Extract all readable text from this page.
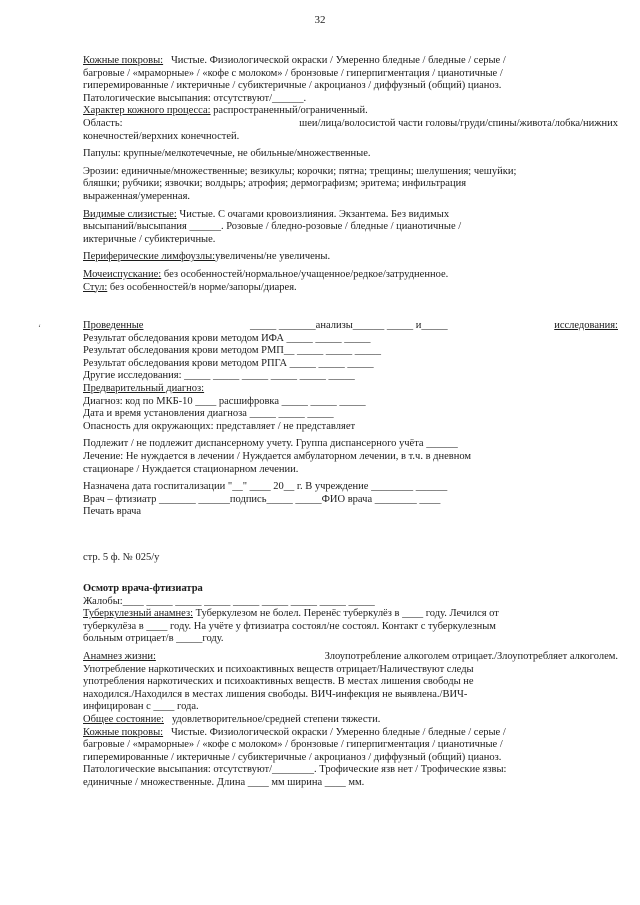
32
‘
Кожные покровы: Чистые. Физиологической окраски / Умеренно бледные / бледные / серые /
багровые / «мраморные» / «кофе с молоком» / бронзовые / гиперпигментация / цианотичные /
гиперемированные / иктеричные / субиктеричные / акроцианоз / диффузный (общий) цианоз.
Патологические высыпания: отсутствуют/______.
Характер кожного процесса: распространенный/ограниченный.
Область:	шеи/лица/волосистой части головы/груди/спины/живота/лобка/нижних
конечностей/верхних конечностей.
Папулы: крупные/мелкотечечные, не обильные/множественные.
Эрозии: единичные/множественные; везикулы; корочки; пятна; трещины; шелушения; чешуйки;
бляшки; рубчики; язвочки; волдырь; атрофия; дермографизм; эритема; инфильтрация
выраженная/умеренная.
Видимые слизистые: Чистые. С очагами кровоизлияния. Экзантема. Без видимых
высыпаний/высыпания ______. Розовые / бледно-розовые / бледные / цианотичные /
иктеричные / субиктеричные.
Периферические лимфоузлы:увеличены/не увеличены.
Мочеиспускание: без особенностей/нормальное/учащенное/редкое/затрудненное.
Стул: без особенностей/в норме/запоры/диарея.
Проведенные	_____ _______анализы______ _____ и_____	исследования:
Результат обследования крови методом ИФА _____ _____ _____
Результат обследования крови методом РМП__ _____ _____ _____
Результат обследования крови методом РПГА _____ _____ _____
Другие исследования: _____ _____ _____ _____ _____ _____
Предварительный диагноз:
Диагноз: код по МКБ-10 ____ расшифровка _____ _____ _____
Дата и время установления диагноза _____ _____ _____
Опасность для окружающих: представляет / не представляет
Подлежит / не подлежит диспансерному учету. Группа диспансерного учёта ______
Лечение: Не нуждается в лечении / Нуждается амбулаторном лечении, в т.ч. в дневном
стационаре / Нуждается стационарном лечении.
Назначена дата госпитализации "__" ____ 20__ г. В учреждение ________ ______
Врач – фтизиатр _______ ______подпись_____ _____ФИО врача ________ ____
Печать врача
стр. 5 ф. № 025/у
Осмотр врача-фтизиатра
Жалобы:____ _____ _____ _____ _____ _____ _____ _____ _____
Туберкулезный анамнез: Туберкулезом не болел. Перенёс туберкулёз в ____ году. Лечился от
туберкулёза в ____ году. На учёте у фтизиатра состоял/не состоял. Контакт с туберкулезным
больным отрицает/в _____году.
Анамнез жизни:	Злоупотребление алкоголем отрицает./Злоупотребляет алкоголем.
Употребление наркотических и психоактивных веществ отрицает/Наличествуют следы
употребления наркотических и психоактивных веществ. В местах лишения свободы не
находился./Находился в местах лишения свободы. ВИЧ-инфекция не выявлена./ВИЧ-
инфицирован с ____ года.
Общее состояние: удовлетворительное/средней степени тяжести.
Кожные покровы: Чистые. Физиологической окраски / Умеренно бледные / бледные / серые /
багровые / «мраморные» / «кофе с молоком» / бронзовые / гиперпигментация / цианотичные /
гиперемированные / иктеричные / субиктеричные / акроцианоз / диффузный (общий) цианоз.
Патологические высыпания: отсутствуют/________. Трофические язв нет / Трофические язвы:
единичные / множественные. Длина ____ мм ширина ____ мм.
